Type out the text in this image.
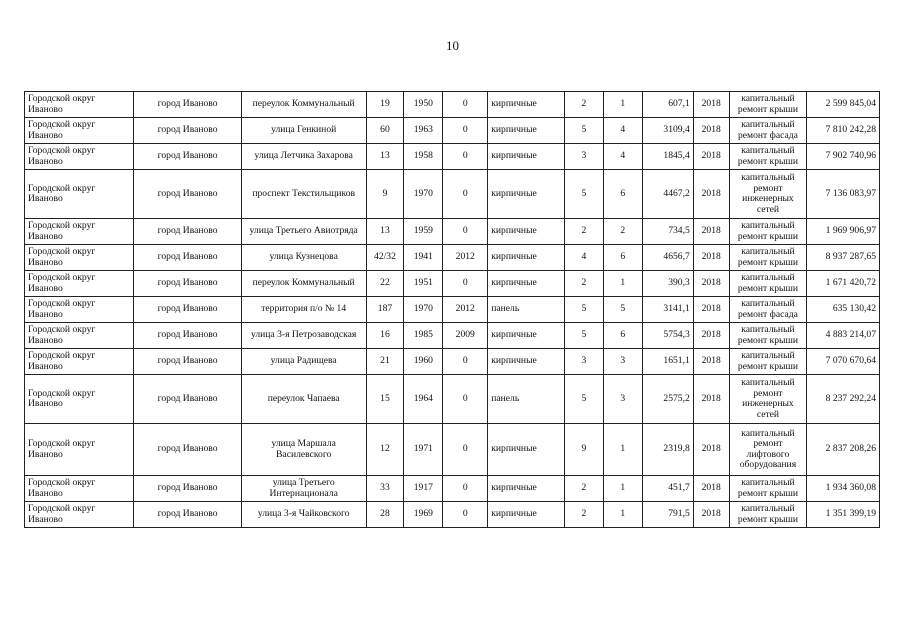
10
Городской округ Иваново	город Иваново	переулок Коммунальный	19	1950	0	кирпичные	2	1	607,1	2018	капитальный ремонт крыши	2 599 845,04
Городской округ Иваново	город Иваново	улица Генкиной	60	1963	0	кирпичные	5	4	3109,4	2018	капитальный ремонт фасада	7 810 242,28
Городской округ Иваново	город Иваново	улица Летчика Захарова	13	1958	0	кирпичные	3	4	1845,4	2018	капитальный ремонт крыши	7 902 740,96
Городской округ Иваново	город Иваново	проспект Текстильщиков	9	1970	0	кирпичные	5	6	4467,2	2018	капитальный ремонт инженерных сетей	7 136 083,97
Городской округ Иваново	город Иваново	улица Третьего Авиотряда	13	1959	0	кирпичные	2	2	734,5	2018	капитальный ремонт крыши	1 969 906,97
Городской округ Иваново	город Иваново	улица Кузнецова	42/32	1941	2012	кирпичные	4	6	4656,7	2018	капитальный ремонт крыши	8 937 287,65
Городской округ Иваново	город Иваново	переулок Коммунальный	22	1951	0	кирпичные	2	1	390,3	2018	капитальный ремонт крыши	1 671 420,72
Городской округ Иваново	город Иваново	территория п/о № 14	187	1970	2012	панель	5	5	3141,1	2018	капитальный ремонт фасада	635 130,42
Городской округ Иваново	город Иваново	улица 3-я Петрозаводская	16	1985	2009	кирпичные	5	6	5754,3	2018	капитальный ремонт крыши	4 883 214,07
Городской округ Иваново	город Иваново	улица Радищева	21	1960	0	кирпичные	3	3	1651,1	2018	капитальный ремонт крыши	7 070 670,64
Городской округ Иваново	город Иваново	переулок Чапаева	15	1964	0	панель	5	3	2575,2	2018	капитальный ремонт инженерных сетей	8 237 292,24
Городской округ Иваново	город Иваново	улица Маршала Василевского	12	1971	0	кирпичные	9	1	2319,8	2018	капитальный ремонт лифтового оборудования	2 837 208,26
Городской округ Иваново	город Иваново	улица Третьего Интернационала	33	1917	0	кирпичные	2	1	451,7	2018	капитальный ремонт крыши	1 934 360,08
Городской округ Иваново	город Иваново	улица 3-я Чайковского	28	1969	0	кирпичные	2	1	791,5	2018	капитальный ремонт крыши	1 351 399,19
